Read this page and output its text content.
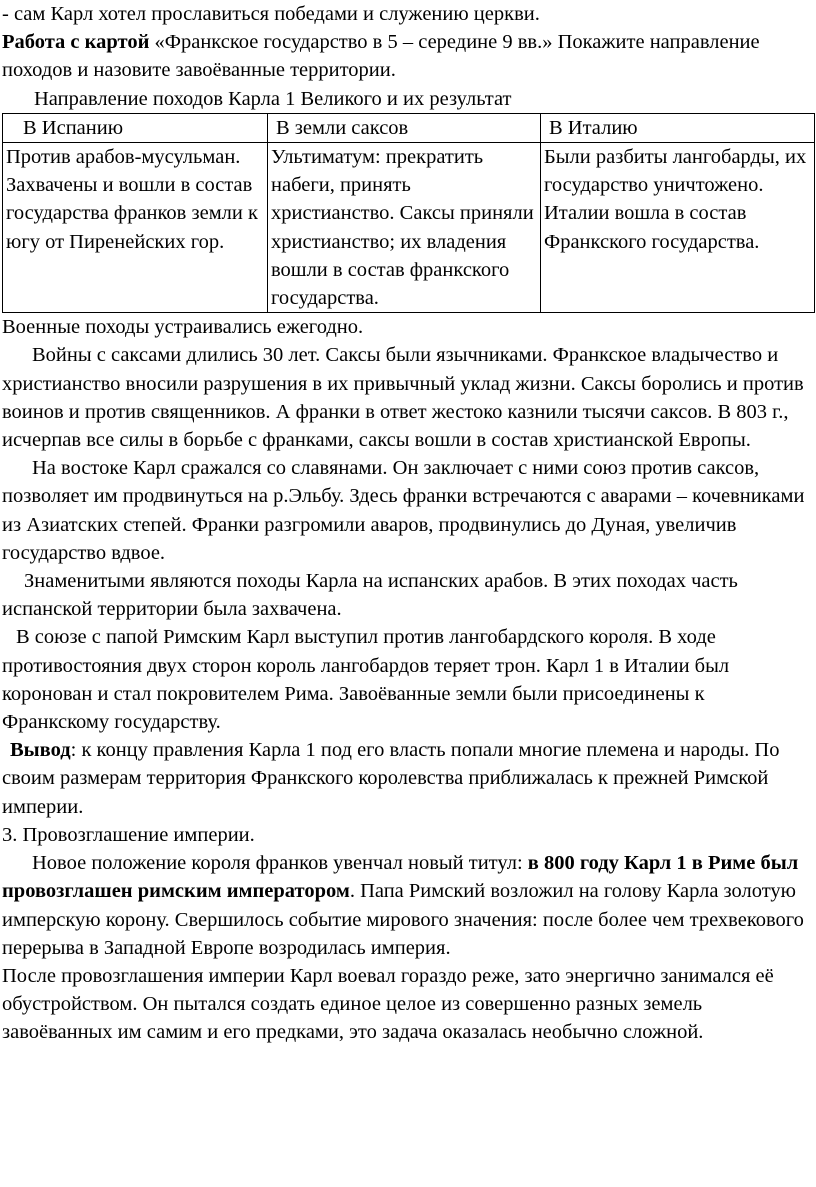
- сам Карл хотел прославиться победами и служению церкви.

Работа с картой «Франкское государство в 5 – середине 9 вв.» Покажите направление походов и назовите завоёванные территории.

Направление походов Карла 1 Великого и их результат

В Испанию	В земли саксов	В Италию
Против арабов-мусульман. Захвачены и вошли в состав государства франков земли к югу от Пиренейских гор.	Ультиматум: прекратить набеги, принять христианство. Саксы приняли христианство; их владения вошли в состав франкского государства.	Были разбиты лангобарды, их государство уничтожено. Италии вошла в состав Франкского государства.

Военные походы устраивались ежегодно.

Войны с саксами длились 30 лет. Саксы были язычниками. Франкское владычество и христианство вносили разрушения в их привычный уклад жизни. Саксы боролись и против воинов и против священников. А франки в ответ жестоко казнили тысячи саксов. В 803 г., исчерпав все силы в борьбе с франками, саксы вошли в состав христианской Европы.

На востоке Карл сражался со славянами. Он заключает с ними союз против саксов, позволяет им продвинуться на р.Эльбу. Здесь франки встречаются с аварами – кочевниками из Азиатских степей. Франки разгромили аваров, продвинулись до Дуная, увеличив государство вдвое.

Знаменитыми являются походы Карла на испанских арабов. В этих походах часть испанской территории была захвачена.

В союзе с папой Римским Карл выступил против лангобардского короля. В ходе противостояния двух сторон король лангобардов теряет трон. Карл 1 в Италии был коронован и стал покровителем Рима. Завоёванные земли были присоединены к Франкскому государству.

Вывод: к концу правления Карла 1 под его власть попали многие племена и народы. По своим размерам территория Франкского королевства приближалась к прежней Римской империи.

3. Провозглашение империи.

Новое положение короля франков увенчал новый титул: в 800 году Карл 1 в Риме был провозглашен римским императором. Папа Римский возложил на голову Карла золотую имперскую корону. Свершилось событие мирового значения: после более чем трехвекового перерыва в Западной Европе возродилась империя.

После провозглашения империи Карл воевал гораздо реже, зато энергично занимался её обустройством. Он пытался создать единое целое из совершенно разных земель завоёванных им самим и его предками, это задача оказалась необычно сложной.
